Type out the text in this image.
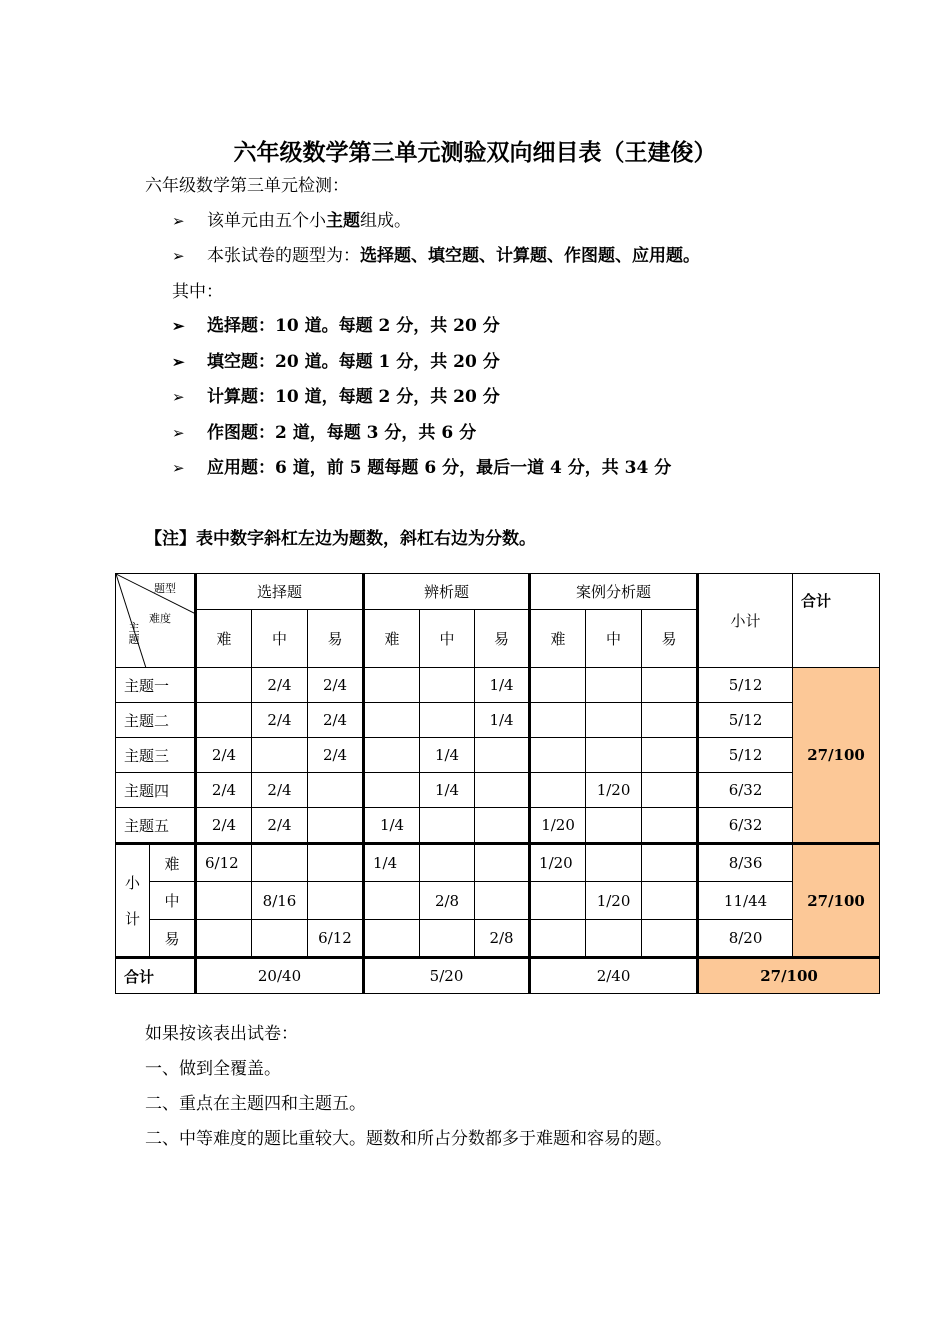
六年级数学第三单元测验双向细目表（王建俊）
六年级数学第三单元检测：
➢ 该单元由五个小主题组成。
➢ 本张试卷的题型为：选择题、填空题、计算题、作图题、应用题。
其中：
➢ 选择题：10 道。每题 2 分，共 20 分
➢ 填空题：20 道。每题 1 分，共 20 分
➢ 计算题：10 道，每题 2 分，共 20 分
➢ 作图题：2 道，每题 3 分，共 6 分
➢ 应用题：6 道，前 5 题每题 6 分，最后一道 4 分，共 34 分
【注】表中数字斜杠左边为题数，斜杠右边为分数。
题型
难度
主题		选择题			辨析题			案例分析题			小计	合计
		难	中	易	难	中	易	难	中	易		
主题一			2/4	2/4			1/4				5/12	27/100
主题二			2/4	2/4			1/4				5/12	
主题三		2/4		2/4		1/4					5/12	
主题四		2/4	2/4			1/4			1/20		6/32	
主题五		2/4	2/4		1/4			1/20			6/32	
小 计	难	6/12			1/4			1/20			8/36	27/100
	中		8/16			2/8			1/20		11/44	
	易			6/12			2/8				8/20	
合计		20/40			5/20			2/40			27/100	
如果按该表出试卷：
一、做到全覆盖。
二、重点在主题四和主题五。
二、中等难度的题比重较大。题数和所占分数都多于难题和容易的题。
